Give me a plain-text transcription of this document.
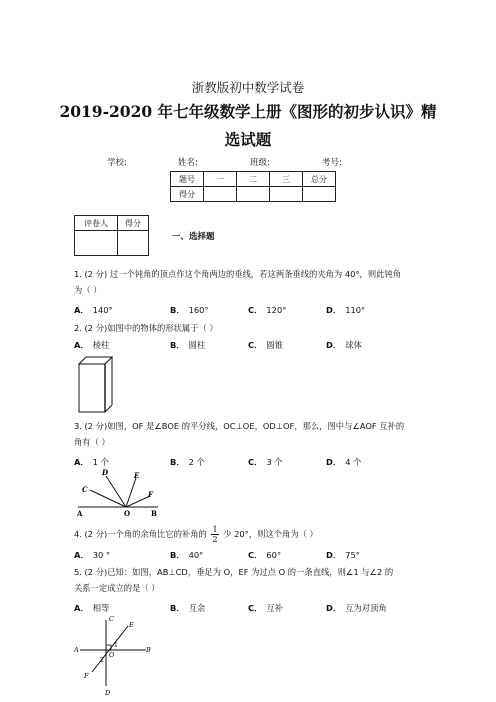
浙教版初中数学试卷
2019-2020 年七年级数学上册《图形的初步认识》精
选试题
学校:	姓名:	班级:	考号:
题号	一	二	三	总分
得分				
评卷人	得分

一、选择题
1. (2 分) 过一个钝角的顶点作这个角两边的垂线，若这两条垂线的夹角为 40°，则此钝角
为（ ）
A． 140°	B． 160°	C． 120°	D． 110°
2. (2 分)如图中的物体的形状属于（ ）
A． 棱柱	B． 圆柱	C． 圆锥	D． 球体
3. (2 分)如图，OF 是∠BOE 的平分线，OC⊥OE，OD⊥OF，那么，图中与∠AOF 互补的
角有（ ）
A． 1 个	B． 2 个	C． 3 个	D． 4 个
C
D	E
F
A	O	B
4. (2 分)一个角的余角比它的补角的 $\frac{1}{2}$ 少 20°，则这个角为（ ）
A． 30 °	B． 40°	C． 60°	D． 75°
5. (2 分)已知：如图，AB⊥CD，垂足为 O，EF 为过点 O 的一条直线，则∠1 与∠2 的
关系一定成立的是（ ）
A． 相等	B． 互余	C． 互补	D． 互为对顶角
C
E
A	B
O
1
2
F
D
